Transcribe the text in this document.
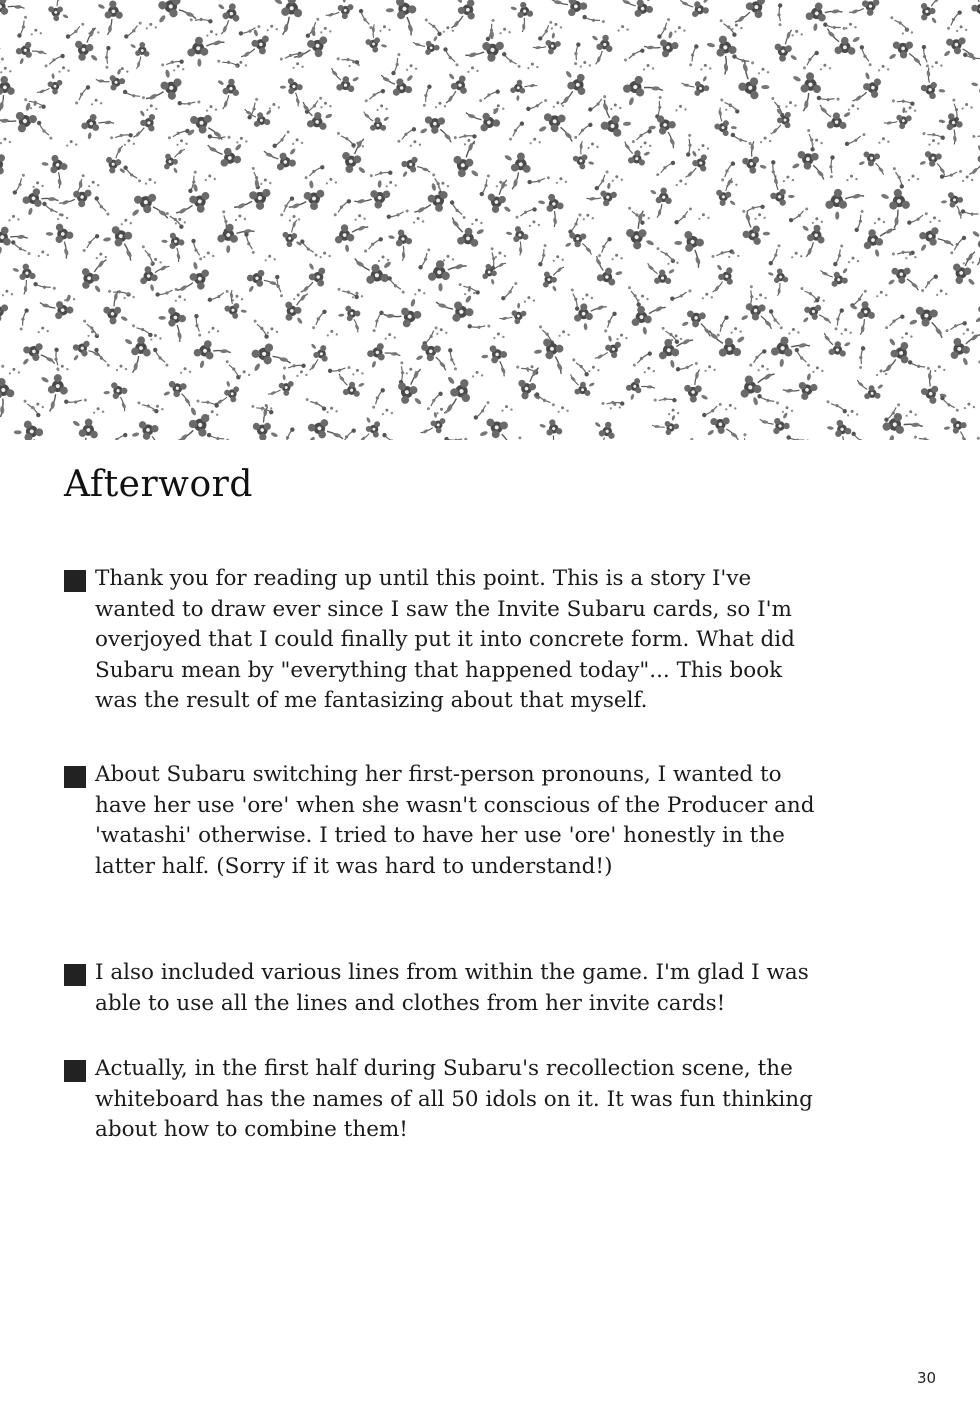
Afterword

Thank you for reading up until this point. This is a story I've wanted to draw ever since I saw the Invite Subaru cards, so I'm overjoyed that I could finally put it into concrete form. What did Subaru mean by "everything that happened today"... This book was the result of me fantasizing about that myself.

About Subaru switching her first-person pronouns, I wanted to have her use 'ore' when she wasn't conscious of the Producer and 'watashi' otherwise. I tried to have her use 'ore' honestly in the latter half. (Sorry if it was hard to understand!)

I also included various lines from within the game. I'm glad I was able to use all the lines and clothes from her invite cards!

Actually, in the first half during Subaru's recollection scene, the whiteboard has the names of all 50 idols on it. It was fun thinking about how to combine them!

30
